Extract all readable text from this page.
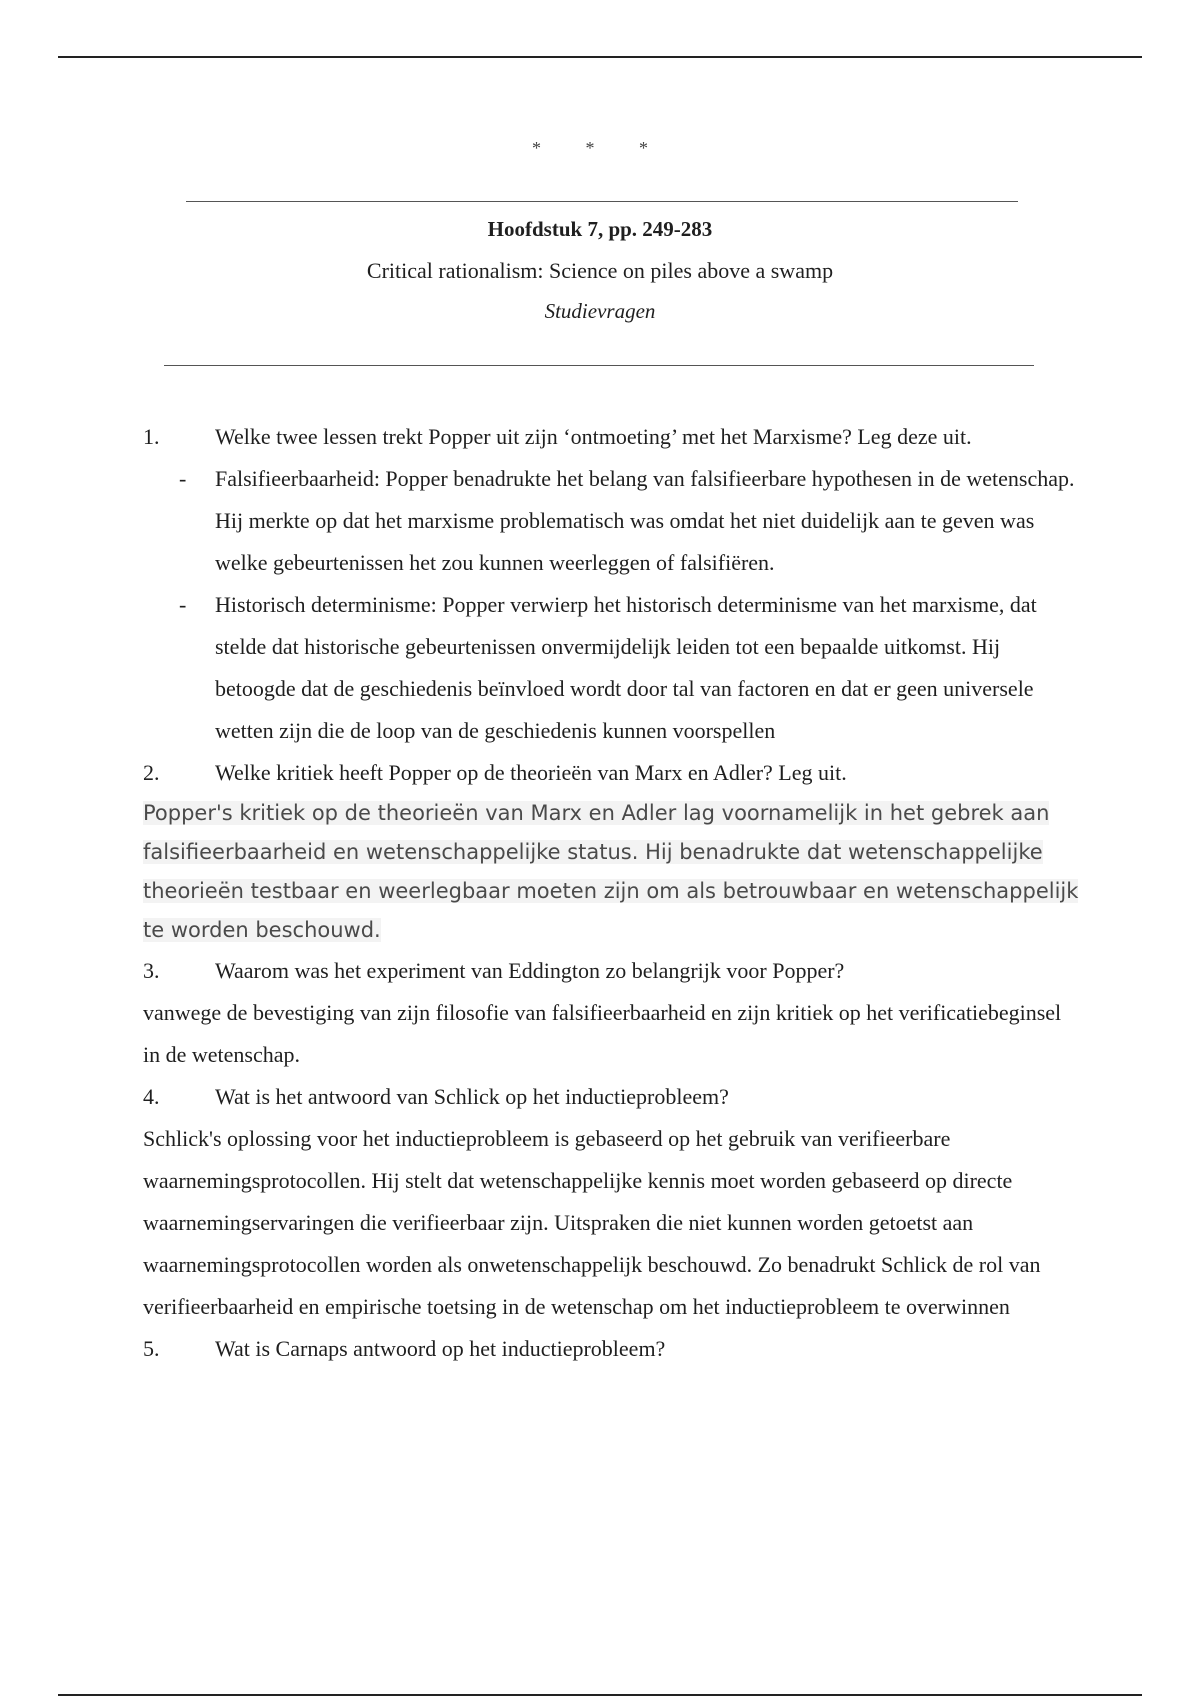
* * *
Hoofdstuk 7, pp. 249-283
Critical rationalism: Science on piles above a swamp
Studievragen
1.	Welke twee lessen trekt Popper uit zijn ‘ontmoeting’ met het Marxisme? Leg deze uit.
- Falsifieerbaarheid: Popper benadrukte het belang van falsifieerbare hypothesen in de wetenschap. Hij merkte op dat het marxisme problematisch was omdat het niet duidelijk aan te geven was welke gebeurtenissen het zou kunnen weerleggen of falsifiëren.
- Historisch determinisme: Popper verwierp het historisch determinisme van het marxisme, dat stelde dat historische gebeurtenissen onvermijdelijk leiden tot een bepaalde uitkomst. Hij betoogde dat de geschiedenis beïnvloed wordt door tal van factoren en dat er geen universele wetten zijn die de loop van de geschiedenis kunnen voorspellen
2.	Welke kritiek heeft Popper op de theorieën van Marx en Adler? Leg uit.
Popper's kritiek op de theorieën van Marx en Adler lag voornamelijk in het gebrek aan falsifieerbaarheid en wetenschappelijke status. Hij benadrukte dat wetenschappelijke theorieën testbaar en weerlegbaar moeten zijn om als betrouwbaar en wetenschappelijk te worden beschouwd.
3.	Waarom was het experiment van Eddington zo belangrijk voor Popper?
vanwege de bevestiging van zijn filosofie van falsifieerbaarheid en zijn kritiek op het verificatiebeginsel in de wetenschap.
4.	Wat is het antwoord van Schlick op het inductieprobleem?
Schlick's oplossing voor het inductieprobleem is gebaseerd op het gebruik van verifieerbare waarnemingsprotocollen. Hij stelt dat wetenschappelijke kennis moet worden gebaseerd op directe waarnemingservaringen die verifieerbaar zijn. Uitspraken die niet kunnen worden getoetst aan waarnemingsprotocollen worden als onwetenschappelijk beschouwd. Zo benadrukt Schlick de rol van verifieerbaarheid en empirische toetsing in de wetenschap om het inductieprobleem te overwinnen
5.	Wat is Carnaps antwoord op het inductieprobleem?
